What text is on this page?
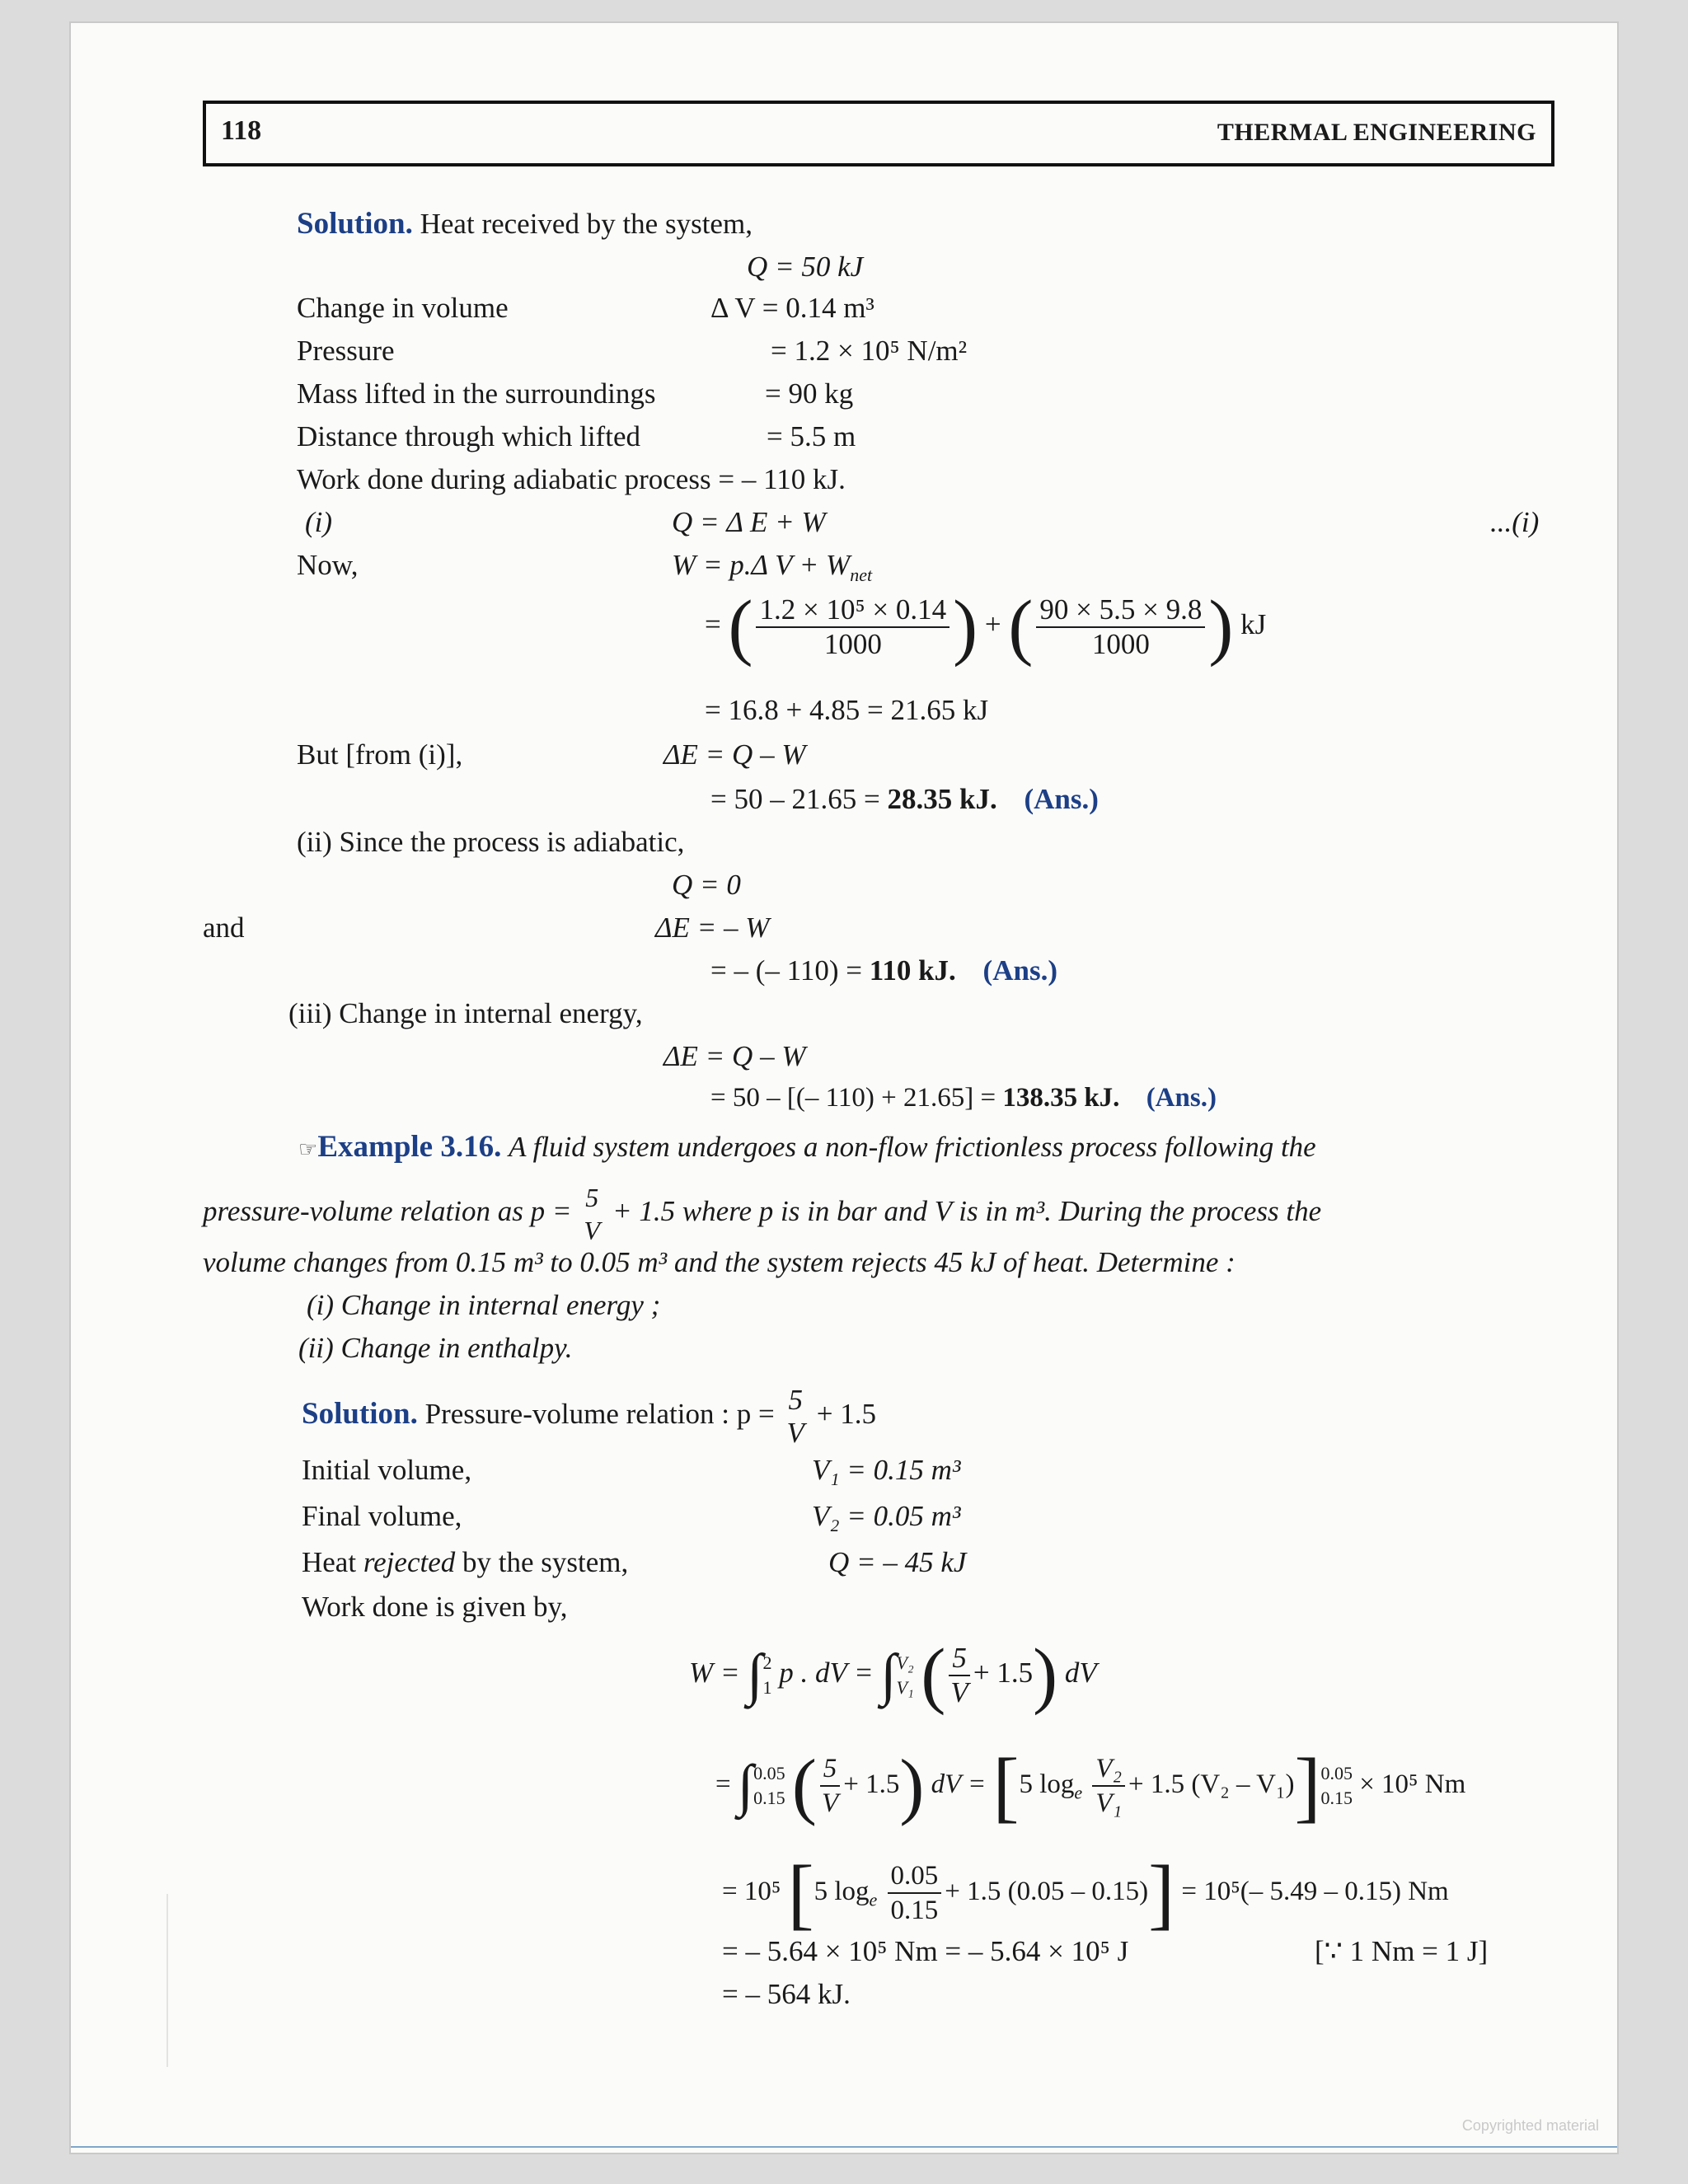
Copyrighted material
118	THERMAL ENGINEERING
Solution. Heat received by the system,
Q = 50 kJ
Change in volume	Δ V = 0.14 m³
Pressure	= 1.2 × 10⁵ N/m²
Mass lifted in the surroundings	= 90 kg
Distance through which lifted	= 5.5 m
Work done during adiabatic process = – 110 kJ.
(i)	Q = Δ E + W	...(i)
Now,	W = p.Δ $V + W_{net}$
= ( $\frac{\text{1.2 × 10⁵ × 0.14}}{1000}$ ) + ( $\frac{90 \times 5.5 \times 9.8}{1000}$ ) kJ
= 16.8 + 4.85 = 21.65 kJ
But [from (i)],	ΔE = Q – W
= 50 – 21.65 = 28.35 kJ. (Ans.)
(ii) Since the process is adiabatic,
Q = 0
and	ΔE = – W
= – (– 110) = 110 kJ. (Ans.)
(iii) Change in internal energy,
ΔE = Q – W
= 50 – [(– 110) + 21.65] = 138.35 kJ. (Ans.)
☞Example 3.16. A fluid system undergoes a non-flow frictionless process following the
pressure-volume relation as p = 5
V
+ 1.5 where p is in bar and V is in m³. During the process the
volume changes from 0.15 m³ to 0.05 m³ and the system rejects 45 kJ of heat. Determine :
(i) Change in internal energy ;
(ii) Change in enthalpy.
Solution. Pressure-volume relation : p = 5
V
+ 1.5
Initial volume,	V₁ = 0.15 m³
Final volume,	V₂ = 0.05 m³
Heat rejected by the system,	Q = – 45 kJ
Work done is given by,
W = ∫ 2
1 p . dV = ∫ V₂
V₁ ( $\frac{5}{V} + 1.5$) dV
= ∫ 0.05
0.15 ( $\frac{5}{V} + 1.5$) dV = [5 $\log_e \frac{\text{V₂}}{\text{V₁}} + 1.5$ (V₂ – V₁)] 0.05
0.15 × 10⁵ Nm
= 10⁵ [5 $\log_e \frac{0.05}{0.15} + 1.5$ (0.05 – 0.15)] = 10⁵(– 5.49 – 0.15) Nm
= – 5.64 × 10⁵ Nm = – 5.64 × 10⁵ J	[∵ 1 Nm = 1 J]
= – 564 kJ.
